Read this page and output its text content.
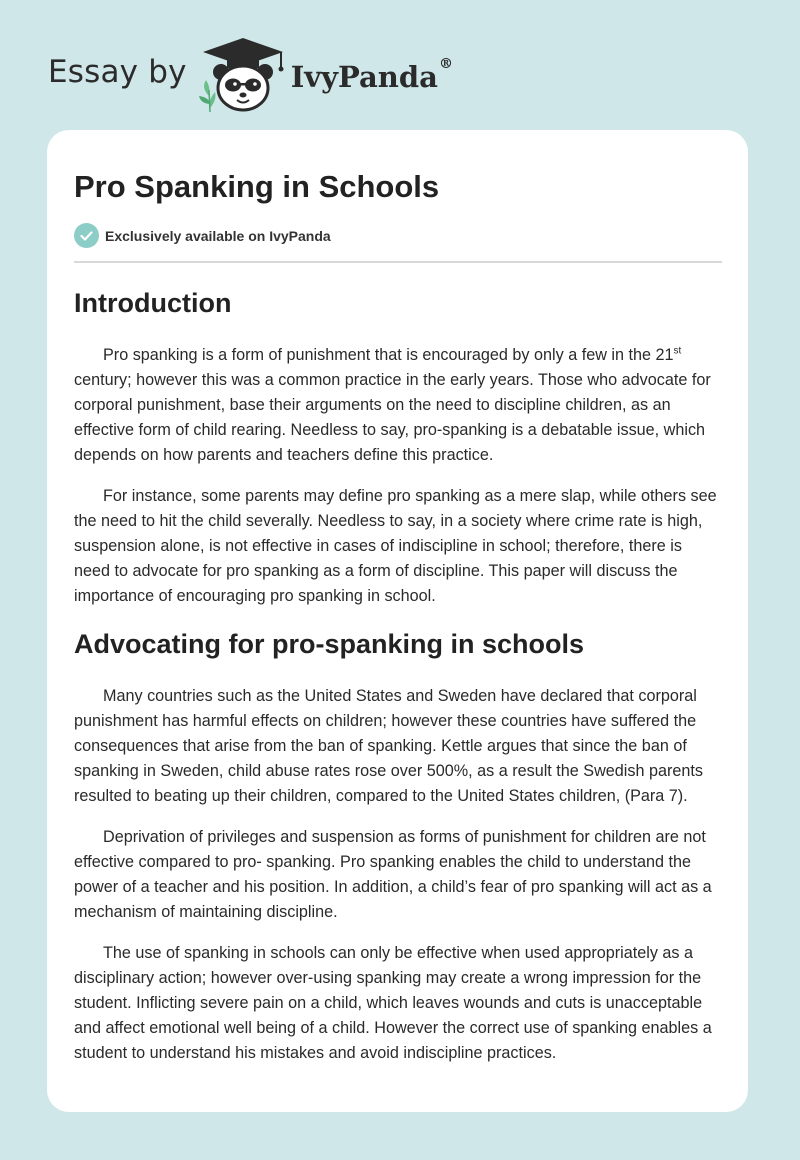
Essay by	IvyPanda®
Pro Spanking in Schools
Exclusively available on IvyPanda
Introduction

Pro spanking is a form of punishment that is encouraged by only a few in the 21st century; however this was a common practice in the early years. Those who advocate for corporal punishment, base their arguments on the need to discipline children, as an effective form of child rearing. Needless to say, pro-spanking is a debatable issue, which depends on how parents and teachers define this practice.

For instance, some parents may define pro spanking as a mere slap, while others see the need to hit the child severally. Needless to say, in a society where crime rate is high, suspension alone, is not effective in cases of indiscipline in school; therefore, there is need to advocate for pro spanking as a form of discipline. This paper will discuss the importance of encouraging pro spanking in school.

Advocating for pro-spanking in schools

Many countries such as the United States and Sweden have declared that corporal punishment has harmful effects on children; however these countries have suffered the consequences that arise from the ban of spanking. Kettle argues that since the ban of spanking in Sweden, child abuse rates rose over 500%, as a result the Swedish parents resulted to beating up their children, compared to the United States children, (Para 7).

Deprivation of privileges and suspension as forms of punishment for children are not effective compared to pro- spanking. Pro spanking enables the child to understand the power of a teacher and his position. In addition, a child’s fear of pro spanking will act as a mechanism of maintaining discipline.

The use of spanking in schools can only be effective when used appropriately as a disciplinary action; however over-using spanking may create a wrong impression for the student. Inflicting severe pain on a child, which leaves wounds and cuts is unacceptable and affect emotional well being of a child. However the correct use of spanking enables a student to understand his mistakes and avoid indiscipline practices.
